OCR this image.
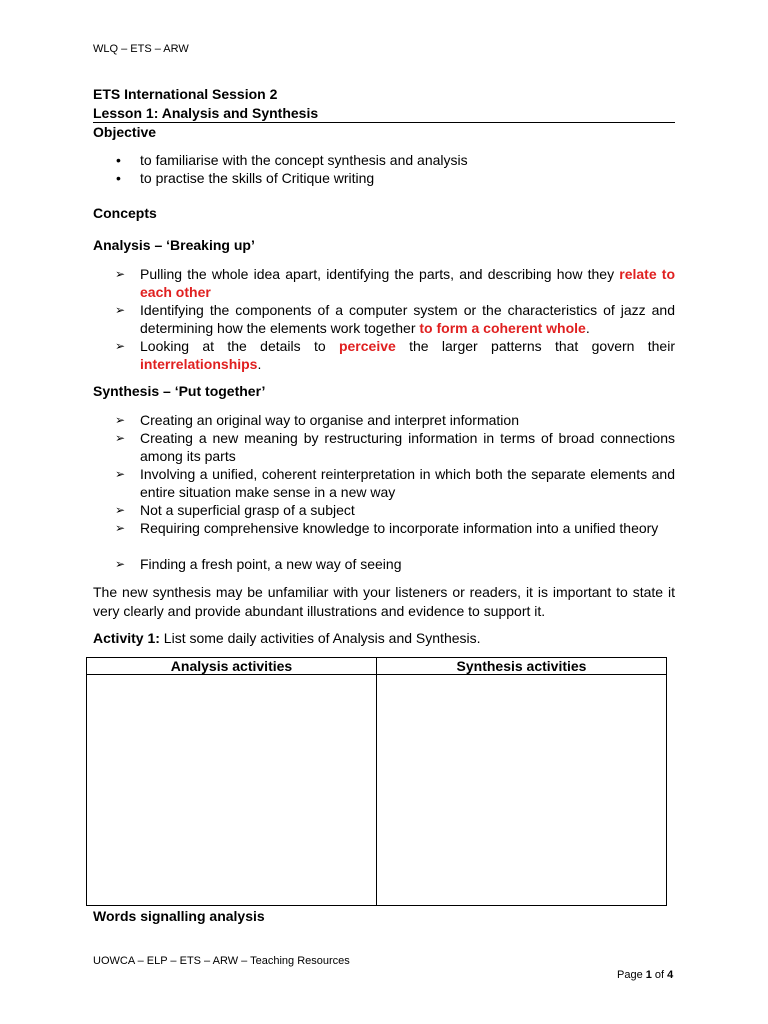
WLQ – ETS – ARW
ETS International Session 2
Lesson 1: Analysis and Synthesis
Objective
• to familiarise with the concept synthesis and analysis
• to practise the skills of Critique writing
Concepts
Analysis – ‘Breaking up’
➢ Pulling the whole idea apart, identifying the parts, and describing how they relate to each other
➢ Identifying the components of a computer system or the characteristics of jazz and determining how the elements work together to form a coherent whole.
➢ Looking at the details to perceive the larger patterns that govern their interrelationships.
Synthesis – ‘Put together’
➢ Creating an original way to organise and interpret information
➢ Creating a new meaning by restructuring information in terms of broad connections among its parts
➢ Involving a unified, coherent reinterpretation in which both the separate elements and entire situation make sense in a new way
➢ Not a superficial grasp of a subject
➢ Requiring comprehensive knowledge to incorporate information into a unified theory
➢ Finding a fresh point, a new way of seeing
The new synthesis may be unfamiliar with your listeners or readers, it is important to state it very clearly and provide abundant illustrations and evidence to support it.
Activity 1: List some daily activities of Analysis and Synthesis.
Analysis activities	Synthesis activities

Words signalling analysis
UOWCA – ELP – ETS – ARW – Teaching Resources
Page 1 of 4
